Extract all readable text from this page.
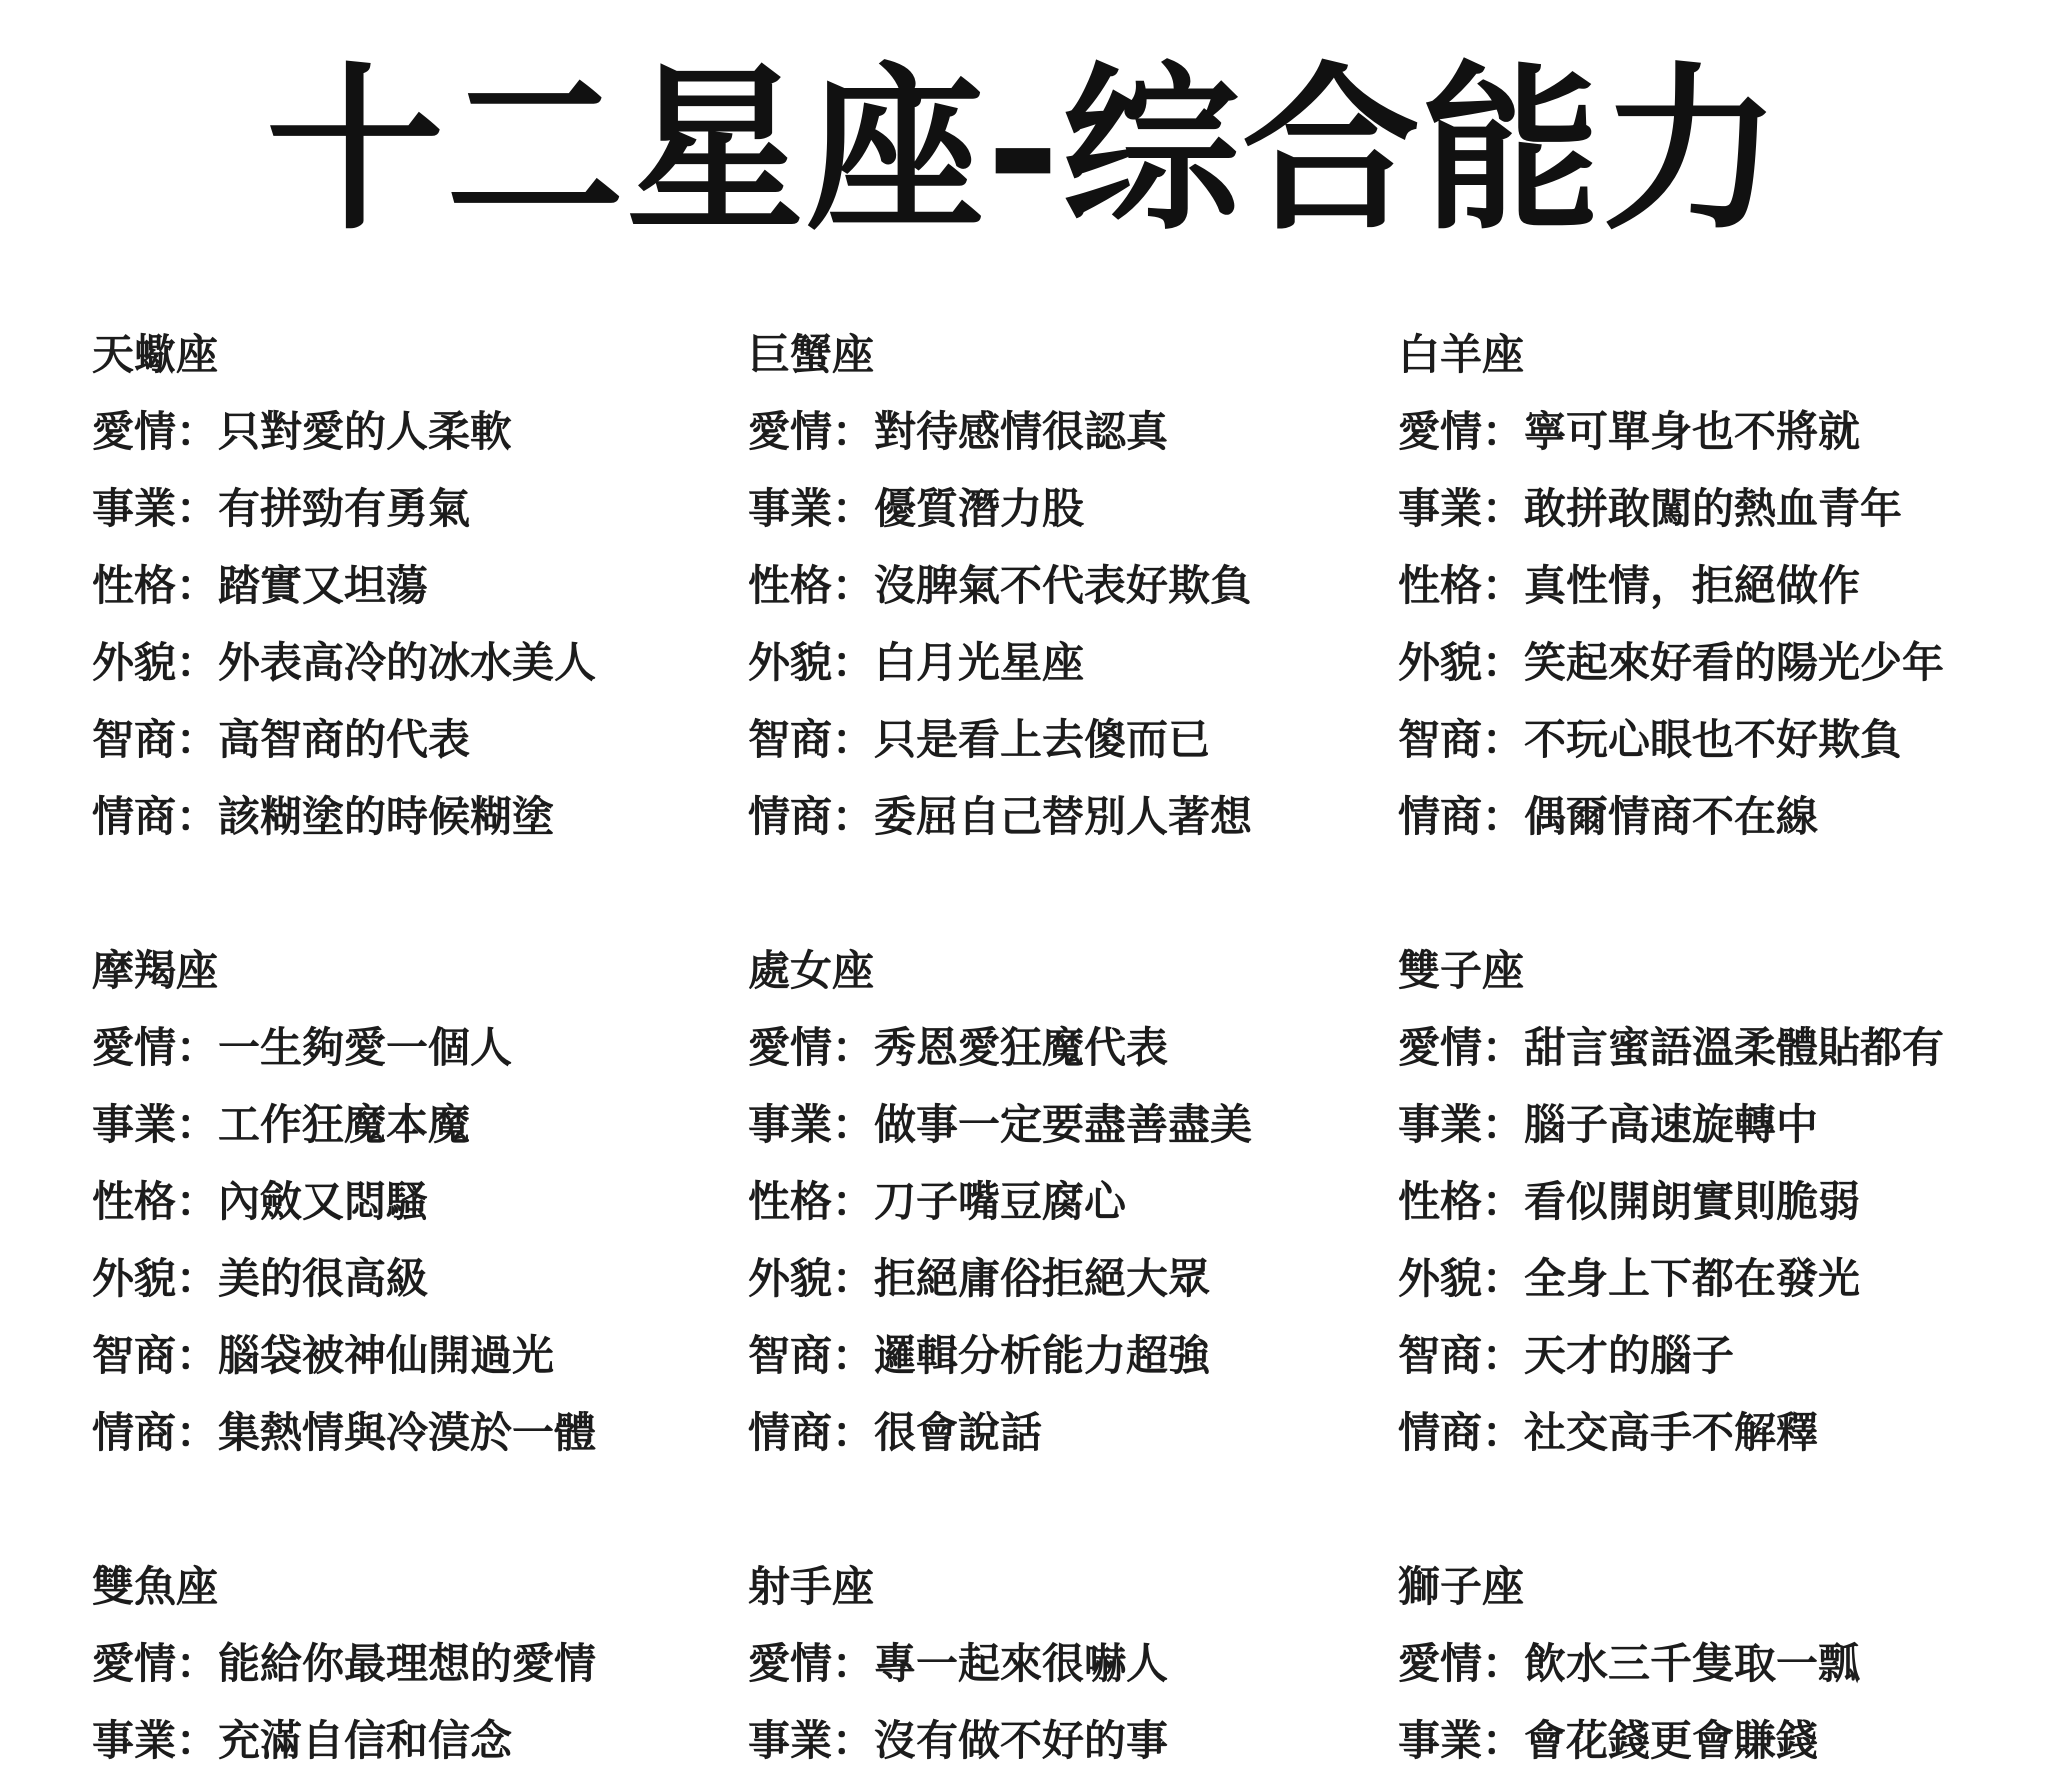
十二星座-综合能力
天蠍座
愛情：只對愛的人柔軟
事業：有拼勁有勇氣
性格：踏實又坦蕩
外貌：外表高冷的冰水美人
智商：高智商的代表
情商：該糊塗的時候糊塗
巨蟹座
愛情：對待感情很認真
事業：優質潛力股
性格：沒脾氣不代表好欺負
外貌：白月光星座
智商：只是看上去傻而已
情商：委屈自己替別人著想
白羊座
愛情：寧可單身也不將就
事業：敢拼敢闖的熱血青年
性格：真性情，拒絕做作
外貌：笑起來好看的陽光少年
智商：不玩心眼也不好欺負
情商：偶爾情商不在線
摩羯座
愛情：一生夠愛一個人
事業：工作狂魔本魔
性格：內斂又悶騷
外貌：美的很高級
智商：腦袋被神仙開過光
情商：集熱情與冷漠於一體
處女座
愛情：秀恩愛狂魔代表
事業：做事一定要盡善盡美
性格：刀子嘴豆腐心
外貌：拒絕庸俗拒絕大眾
智商：邏輯分析能力超強
情商：很會說話
雙子座
愛情：甜言蜜語溫柔體貼都有
事業：腦子高速旋轉中
性格：看似開朗實則脆弱
外貌：全身上下都在發光
智商：天才的腦子
情商：社交高手不解釋
雙魚座
愛情：能給你最理想的愛情
事業：充滿自信和信念
射手座
愛情：專一起來很嚇人
事業：沒有做不好的事
獅子座
愛情：飲水三千隻取一瓢
事業：會花錢更會賺錢
